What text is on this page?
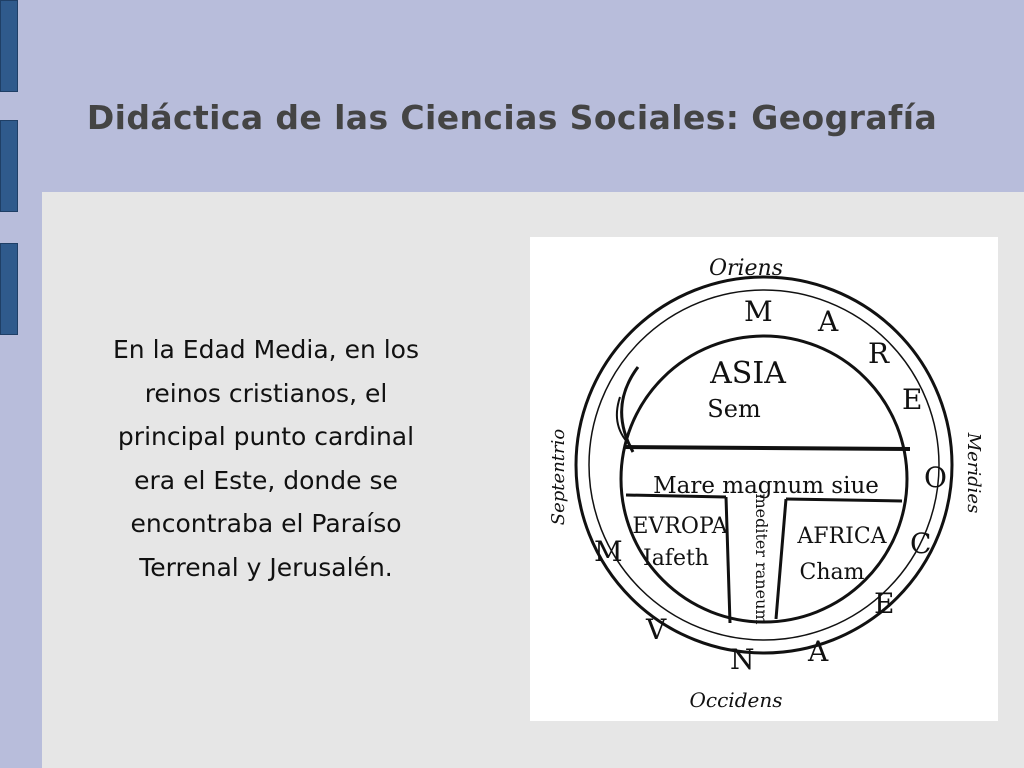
Didáctica de las Ciencias Sociales: Geografía
En la Edad Media, en los
reinos cristianos, el
principal punto cardinal
era el Este, donde se
encontraba el Paraíso
Terrenal y Jerusalén.
Oriens
Occidens
Septentrio	Meridies
M A
R
E
O
C
E
A
N
V
M
ASIA
Sem
Mare magnum siue
mediter raneum
EVROPA
Iafeth
AFRICA
Cham
